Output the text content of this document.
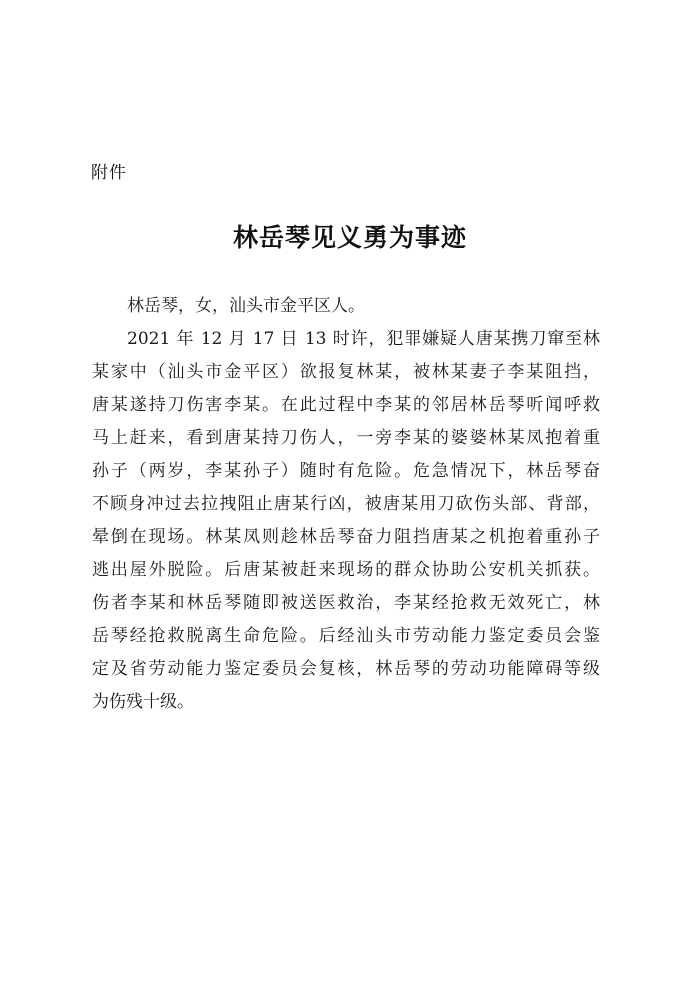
附件
林岳琴见义勇为事迹
林岳琴，女，汕头市金平区人。
2021 年 12 月 17 日 13 时许，犯罪嫌疑人唐某携刀窜至林
某家中（汕头市金平区）欲报复林某，被林某妻子李某阻挡，
唐某遂持刀伤害李某。在此过程中李某的邻居林岳琴听闻呼救
马上赶来，看到唐某持刀伤人，一旁李某的婆婆林某凤抱着重
孙子（两岁，李某孙子）随时有危险。危急情况下，林岳琴奋
不顾身冲过去拉拽阻止唐某行凶，被唐某用刀砍伤头部、背部，
晕倒在现场。林某凤则趁林岳琴奋力阻挡唐某之机抱着重孙子
逃出屋外脱险。后唐某被赶来现场的群众协助公安机关抓获。
伤者李某和林岳琴随即被送医救治，李某经抢救无效死亡，林
岳琴经抢救脱离生命危险。后经汕头市劳动能力鉴定委员会鉴
定及省劳动能力鉴定委员会复核，林岳琴的劳动功能障碍等级
为伤残十级。
